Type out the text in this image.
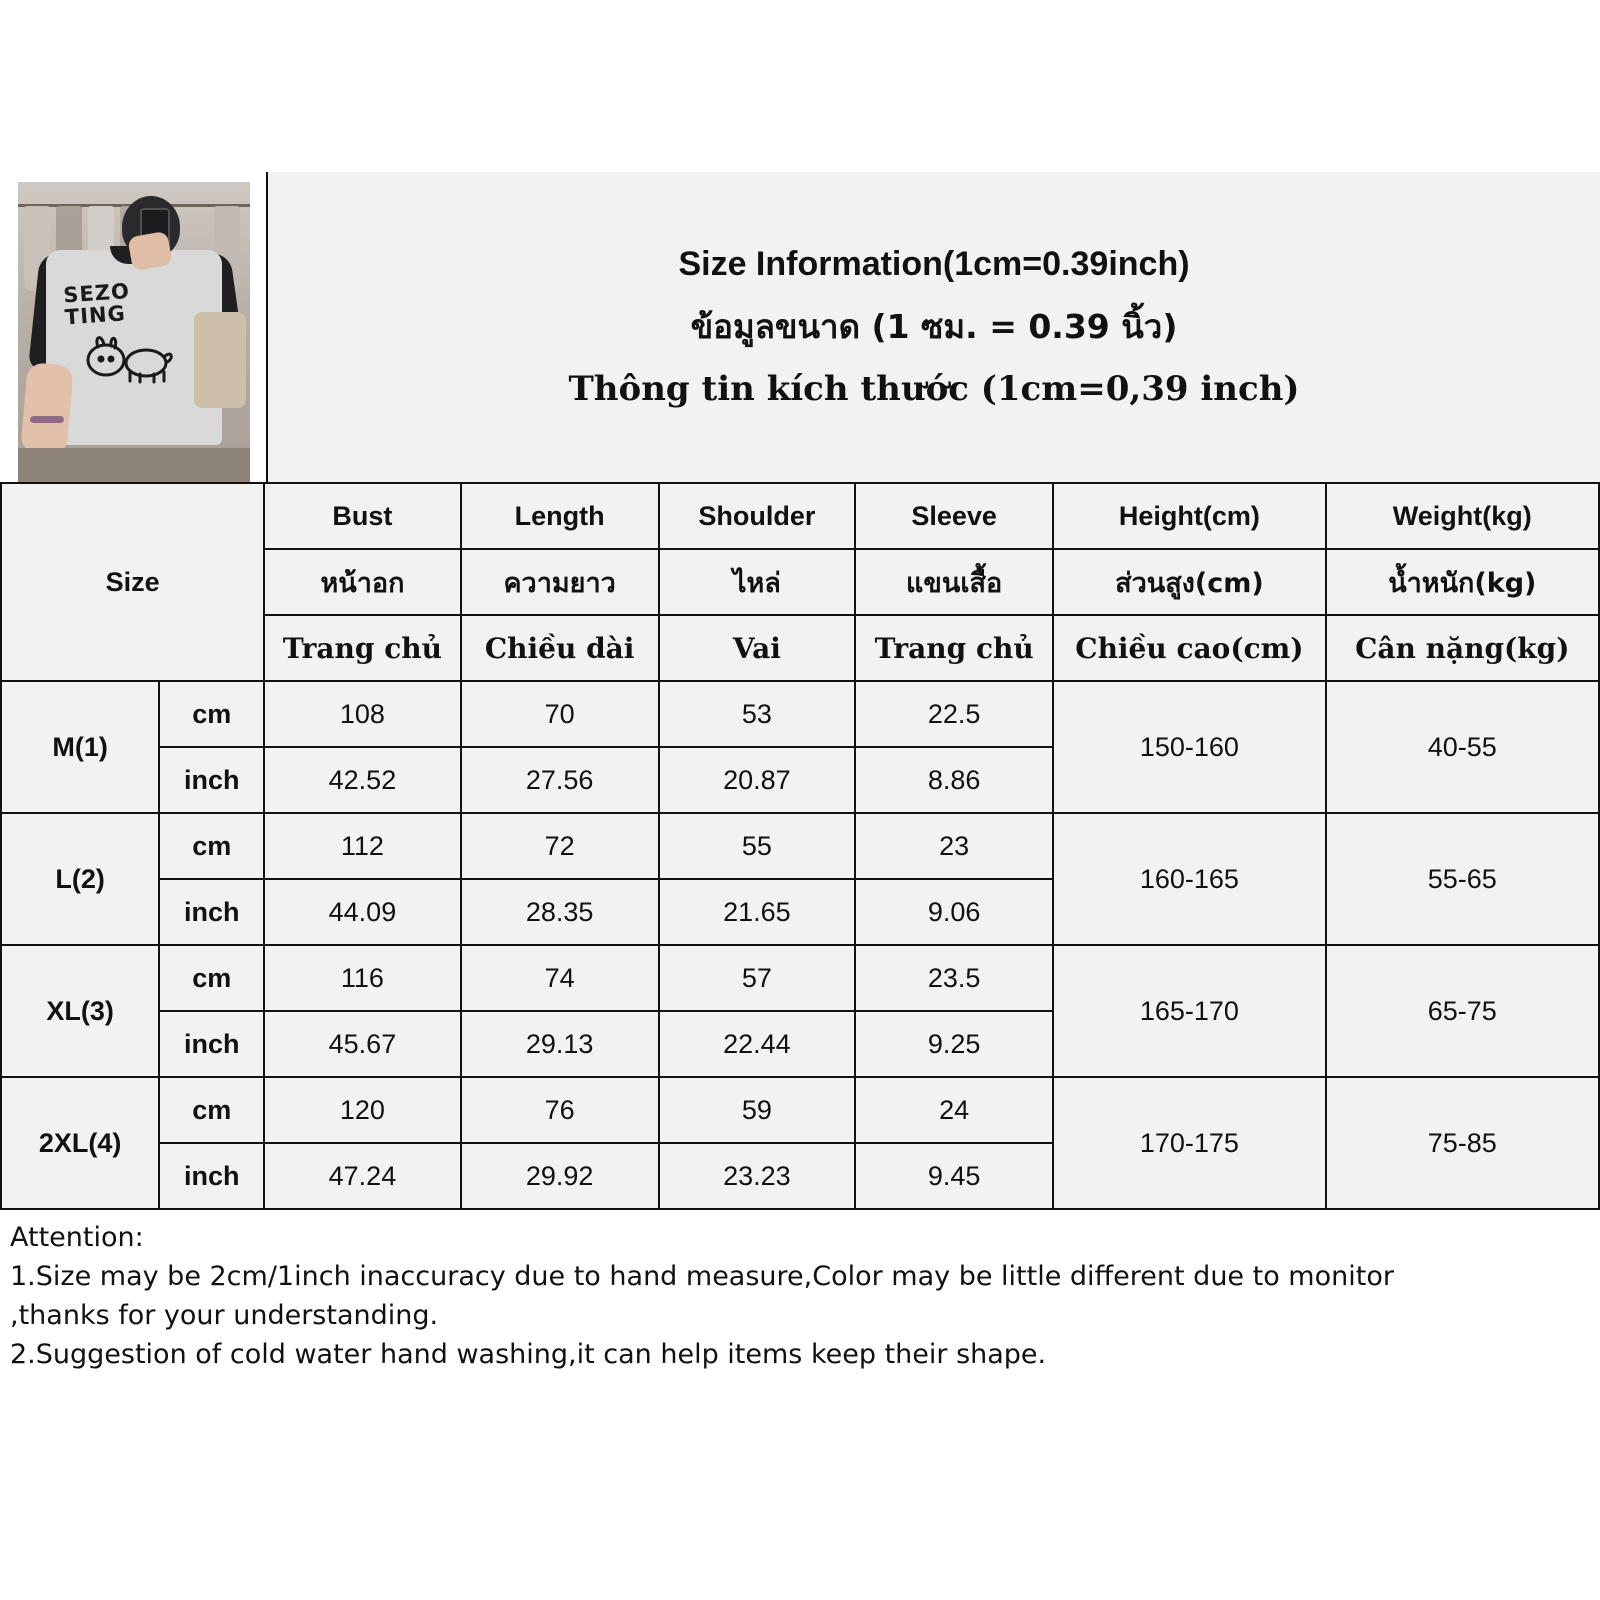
SEZO TING
Size Information(1cm=0.39inch)
ข้อมูลขนาด (1 ซม. = 0.39 นิ้ว)
Thông tin kích thước (1cm=0,39 inch)
Size		Bust	Length	Shoulder	Sleeve	Height(cm)	Weight(kg)
		หน้าอก	ความยาว	ไหล่	แขนเสื้อ	ส่วนสูง(cm)	น้ำหนัก(kg)
		Trang chủ	Chiều dài	Vai	Trang chủ	Chiều cao(cm)	Cân nặng(kg)
M(1)	cm	108	70	53	22.5	150-160	40-55
	inch	42.52	27.56	20.87	8.86		
L(2)	cm	112	72	55	23	160-165	55-65
	inch	44.09	28.35	21.65	9.06		
XL(3)	cm	116	74	57	23.5	165-170	65-75
	inch	45.67	29.13	22.44	9.25		
2XL(4)	cm	120	76	59	24	170-175	75-85
	inch	47.24	29.92	23.23	9.45		
Attention:
1.Size may be 2cm/1inch inaccuracy due to hand measure,Color may be little different due to monitor
,thanks for your understanding.
2.Suggestion of cold water hand washing,it can help items keep their shape.
